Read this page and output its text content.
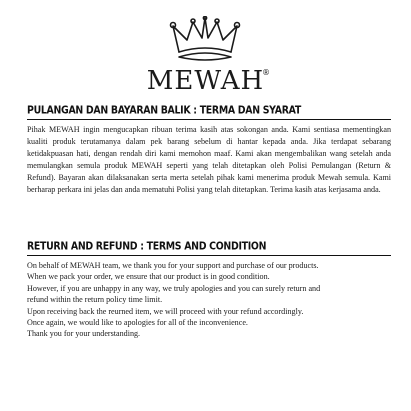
MEWAH
®
PULANGAN DAN BAYARAN BALIK : TERMA DAN SYARAT

Pihak MEWAH ingin mengucapkan ribuan terima kasih atas sokongan anda. Kami sentiasa mementingkan kualiti produk terutamanya dalam pek barang sebelum di hantar kepada anda. Jika terdapat sebarang ketidakpuasan hati, dengan rendah diri kami memohon maaf. Kami akan mengembalikan wang setelah anda memulangkan semula produk MEWAH seperti yang telah ditetapkan oleh Polisi Pemulangan (Return & Refund). Bayaran akan dilaksanakan serta merta setelah pihak kami menerima produk Mewah semula. Kami berharap perkara ini jelas dan anda mematuhi Polisi yang telah ditetapkan. Terima kasih atas kerjasama anda.

RETURN AND REFUND : TERMS AND CONDITION

On behalf of MEWAH team, we thank you for your support and purchase of our products.

When we pack your order, we ensure that our product is in good condition.

However, if you are unhappy in any way, we truly apologies and you can surely return and

refund within the return policy time limit.

Upon receiving back the reurned item, we will proceed with your refund accordingly.

Once again, we would like to apologies for all of the inconvenience.

Thank you for your understanding.
